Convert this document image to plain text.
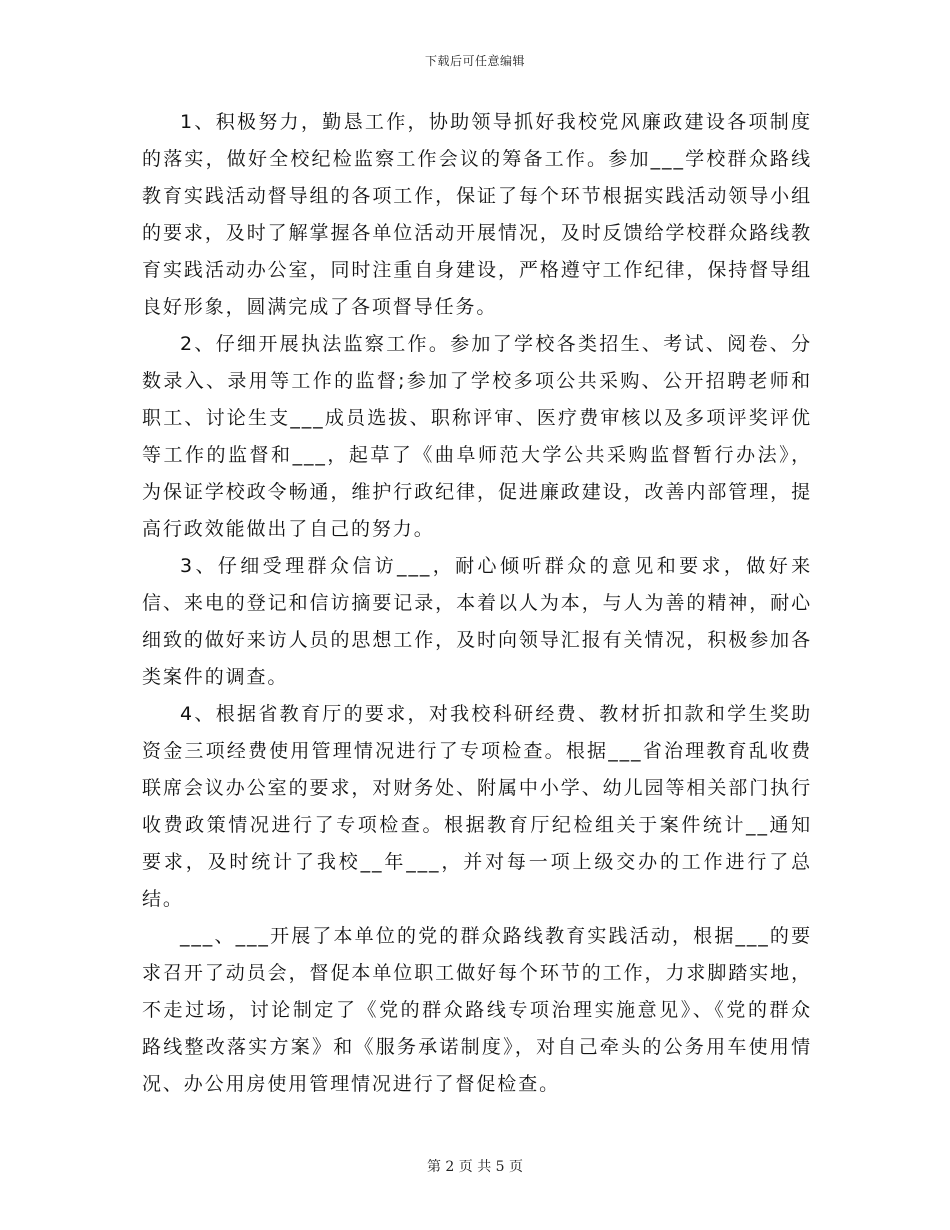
下载后可任意编辑

1、积极努力，勤恳工作，协助领导抓好我校党风廉政建设各项制度的落实，做好全校纪检监察工作会议的筹备工作。参加___学校群众路线教育实践活动督导组的各项工作，保证了每个环节根据实践活动领导小组的要求，及时了解掌握各单位活动开展情况，及时反馈给学校群众路线教育实践活动办公室，同时注重自身建设，严格遵守工作纪律，保持督导组良好形象，圆满完成了各项督导任务。

2、仔细开展执法监察工作。参加了学校各类招生、考试、阅卷、分数录入、录用等工作的监督;参加了学校多项公共采购、公开招聘老师和职工、讨论生支___成员选拔、职称评审、医疗费审核以及多项评奖评优等工作的监督和___，起草了《曲阜师范大学公共采购监督暂行办法》，为保证学校政令畅通，维护行政纪律，促进廉政建设，改善内部管理，提高行政效能做出了自己的努力。

3、仔细受理群众信访___，耐心倾听群众的意见和要求，做好来信、来电的登记和信访摘要记录，本着以人为本，与人为善的精神，耐心细致的做好来访人员的思想工作，及时向领导汇报有关情况，积极参加各类案件的调查。

4、根据省教育厅的要求，对我校科研经费、教材折扣款和学生奖助资金三项经费使用管理情况进行了专项检查。根据___省治理教育乱收费联席会议办公室的要求，对财务处、附属中小学、幼儿园等相关部门执行收费政策情况进行了专项检查。根据教育厅纪检组关于案件统计__通知要求，及时统计了我校__年___，并对每一项上级交办的工作进行了总结。

___、___开展了本单位的党的群众路线教育实践活动，根据___的要求召开了动员会，督促本单位职工做好每个环节的工作，力求脚踏实地，不走过场，讨论制定了《党的群众路线专项治理实施意见》、《党的群众路线整改落实方案》和《服务承诺制度》，对自己牵头的公务用车使用情况、办公用房使用管理情况进行了督促检查。

第 2 页 共 5 页
